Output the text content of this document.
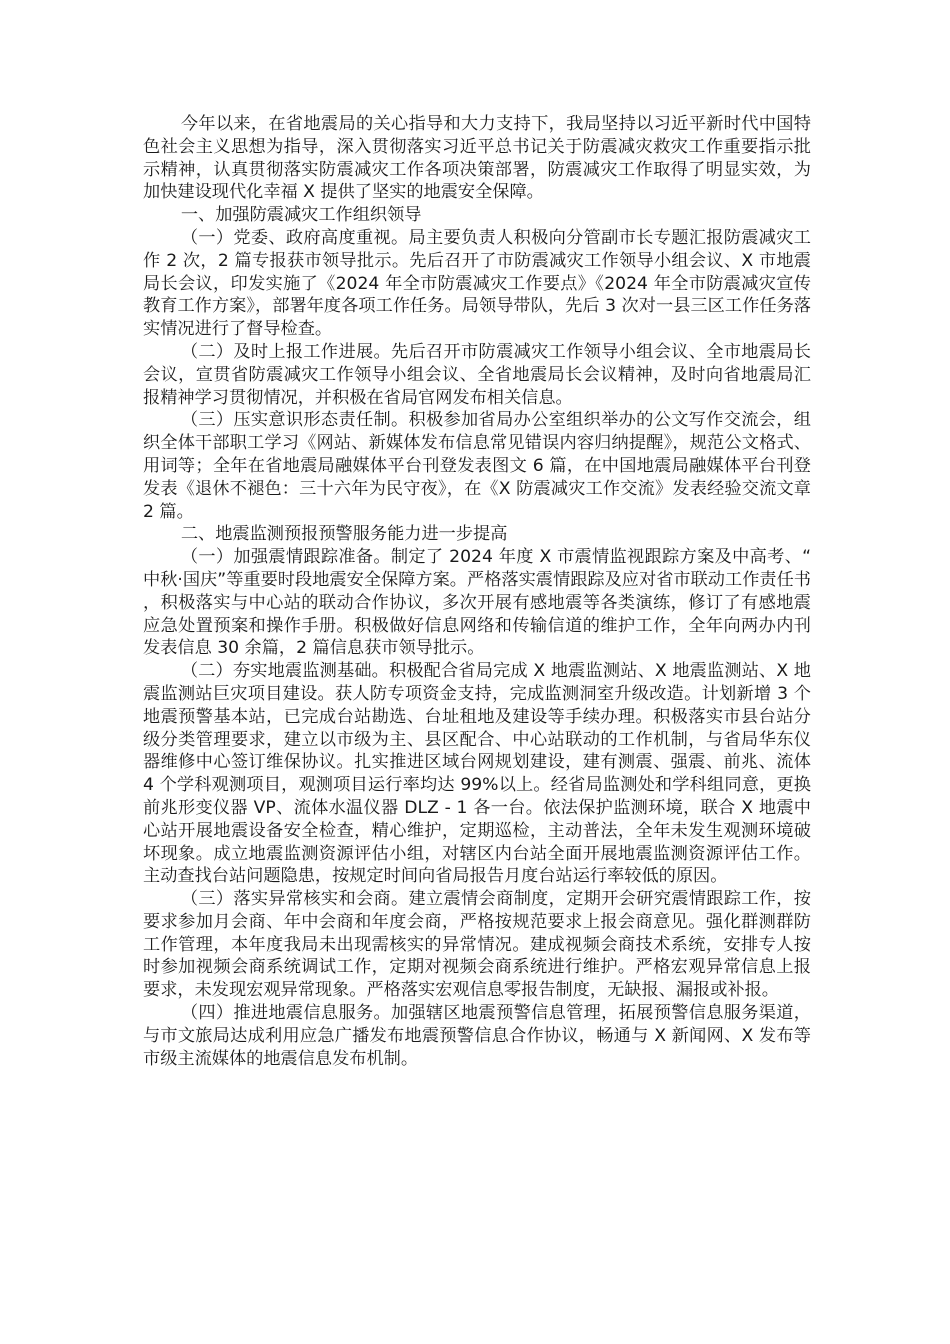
今年以来，在省地震局的关心指导和大力支持下，我局坚持以习近平新时代中国特色社会主义思想为指导，深入贯彻落实习近平总书记关于防震减灾救灾工作重要指示批示精神，认真贯彻落实防震减灾工作各项决策部署，防震减灾工作取得了明显实效，为加快建设现代化幸福 X 提供了坚实的地震安全保障。

一、加强防震减灾工作组织领导

（一）党委、政府高度重视。局主要负责人积极向分管副市长专题汇报防震减灾工作 2 次，2 篇专报获市领导批示。先后召开了市防震减灾工作领导小组会议、X 市地震局长会议，印发实施了《2024 年全市防震减灾工作要点》《2024 年全市防震减灾宣传教育工作方案》，部署年度各项工作任务。局领导带队，先后 3 次对一县三区工作任务落实情况进行了督导检查。

（二）及时上报工作进展。先后召开市防震减灾工作领导小组会议、全市地震局长会议，宣贯省防震减灾工作领导小组会议、全省地震局长会议精神，及时向省地震局汇报精神学习贯彻情况，并积极在省局官网发布相关信息。

（三）压实意识形态责任制。积极参加省局办公室组织举办的公文写作交流会，组织全体干部职工学习《网站、新媒体发布信息常见错误内容归纳提醒》，规范公文格式、用词等；全年在省地震局融媒体平台刊登发表图文 6 篇，在中国地震局融媒体平台刊登发表《退休不褪色：三十六年为民守夜》，在《X 防震减灾工作交流》发表经验交流文章 2 篇。

二、地震监测预报预警服务能力进一步提高

（一）加强震情跟踪准备。制定了 2024 年度 X 市震情监视跟踪方案及中高考、“中秋·国庆”等重要时段地震安全保障方案。严格落实震情跟踪及应对省市联动工作责任书，积极落实与中心站的联动合作协议，多次开展有感地震等各类演练，修订了有感地震应急处置预案和操作手册。积极做好信息网络和传输信道的维护工作，全年向两办内刊发表信息 30 余篇，2 篇信息获市领导批示。

（二）夯实地震监测基础。积极配合省局完成 X 地震监测站、X 地震监测站、X 地震监测站巨灾项目建设。获人防专项资金支持，完成监测洞室升级改造。计划新增 3 个地震预警基本站，已完成台站勘选、台址租地及建设等手续办理。积极落实市县台站分级分类管理要求，建立以市级为主、县区配合、中心站联动的工作机制，与省局华东仪器维修中心签订维保协议。扎实推进区域台网规划建设，建有测震、强震、前兆、流体 4 个学科观测项目，观测项目运行率均达 99%以上。经省局监测处和学科组同意，更换前兆形变仪器 VP、流体水温仪器 DLZ - 1 各一台。依法保护监测环境，联合 X 地震中心站开展地震设备安全检查，精心维护，定期巡检，主动普法，全年未发生观测环境破坏现象。成立地震监测资源评估小组，对辖区内台站全面开展地震监测资源评估工作。主动查找台站问题隐患，按规定时间向省局报告月度台站运行率较低的原因。

（三）落实异常核实和会商。建立震情会商制度，定期开会研究震情跟踪工作，按要求参加月会商、年中会商和年度会商，严格按规范要求上报会商意见。强化群测群防工作管理，本年度我局未出现需核实的异常情况。建成视频会商技术系统，安排专人按时参加视频会商系统调试工作，定期对视频会商系统进行维护。严格宏观异常信息上报要求，未发现宏观异常现象。严格落实宏观信息零报告制度，无缺报、漏报或补报。

（四）推进地震信息服务。加强辖区地震预警信息管理，拓展预警信息服务渠道，与市文旅局达成利用应急广播发布地震预警信息合作协议，畅通与 X 新闻网、X 发布等市级主流媒体的地震信息发布机制。
